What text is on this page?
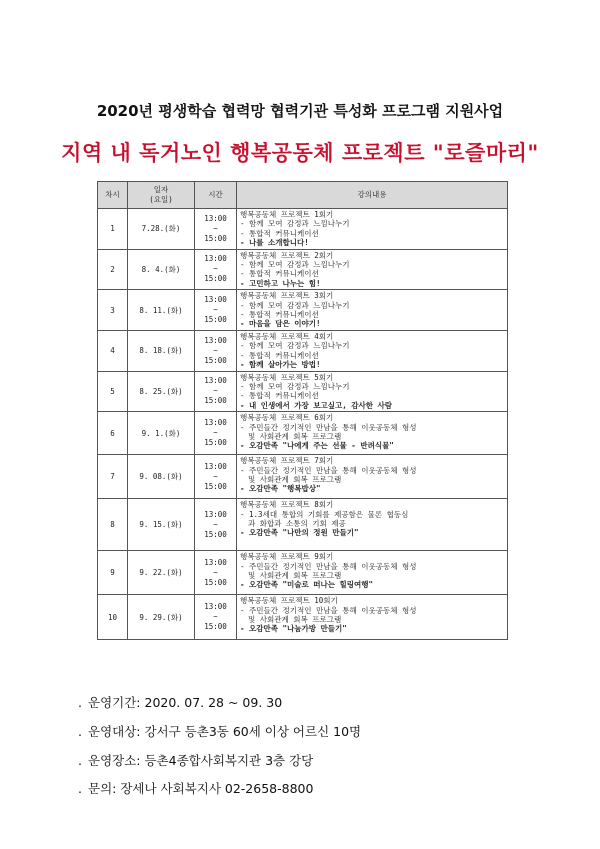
2020년 평생학습 협력망 협력기관 특성화 프로그램 지원사업
지역 내 독거노인 행복공동체 프로젝트 "로즐마리"
차시	일자
(요일)	시간	강의내용
1	7.28.(화)	13:00
~
15:00	행복공동체 프로젝트 1회기
- 함께 모여 감정과 느낌나누기
- 통합적 커뮤니케이션
- 나를 소개합니다!

2	8. 4.(화)	13:00
~
15:00	행복공동체 프로젝트 2회기
- 함께 모여 감정과 느낌나누기
- 통합적 커뮤니케이션
- 고민하고 나누는 힘!

3	8. 11.(화)	13:00
~
15:00	행복공동체 프로젝트 3회기
- 함께 모여 감정과 느낌나누기
- 통합적 커뮤니케이션
- 마음을 담은 이야기!

4	8. 18.(화)	13:00
~
15:00	행복공동체 프로젝트 4회기
- 함께 모여 감정과 느낌나누기
- 통합적 커뮤니케이션
- 함께 살아가는 방법!

5	8. 25.(화)	13:00
~
15:00	행복공동체 프로젝트 5회기
- 함께 모여 감정과 느낌나누기
- 통합적 커뮤니케이션
- 내 인생에서 가장 보고싶고, 감사한 사람

6	9. 1.(화)	13:00
~
15:00	행복공동체 프로젝트 6회기
- 주민들간 정기적인 만남을 통해 이웃공동체 형성
및 사회관계 회복 프로그램
- 오감만족 "나에게 주는 선물 - 반려식물"

7	9. 08.(화)	13:00
~
15:00	행복공동체 프로젝트 7회기
- 주민들간 정기적인 만남을 통해 이웃공동체 형성
및 사회관계 회복 프로그램
- 오감만족 "행복밥상"

8	9. 15.(화)	13:00
~
15:00	행복공동체 프로젝트 8회기
- 1.3세대 통합의 기회를 제공함은 물론 협동심
과 화합과 소통의 기회 제공
- 오감만족 "나만의 정원 만들기"

9	9. 22.(화)	13:00
~
15:00	행복공동체 프로젝트 9회기
- 주민들간 정기적인 만남을 통해 이웃공동체 형성
및 사회관계 회복 프로그램
- 오감만족 "미술로 떠나는 힐링여행"

10	9. 29.(화)	13:00
~
15:00	행복공동체 프로젝트 10회기
- 주민들간 정기적인 만남을 통해 이웃공동체 형성
및 사회관계 회복 프로그램
- 오감만족 "나눔가방 만들기"
. 운영기간: 2020. 07. 28 ~ 09. 30
. 운영대상: 강서구 등촌3동 60세 이상 어르신 10명
. 운영장소: 등촌4종합사회복지관 3층 강당
. 문의: 장세나 사회복지사 02-2658-8800
